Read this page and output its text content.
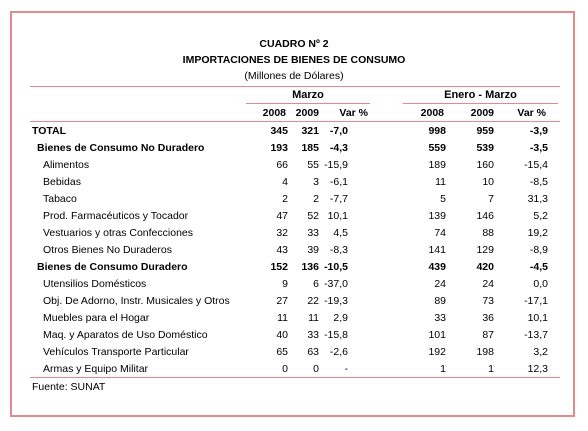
CUADRO Nº 2
IMPORTACIONES DE BIENES DE CONSUMO
(Millones de Dólares)
Marzo	Enero - Marzo
2008 2009	Var %	2008	2009	Var %
TOTAL	345	321	-7,0	998	959	-3,9
Bienes de Consumo No Duradero	193	185	-4,3	559	539	-3,5
Alimentos	66	55 -15,9	189	160	-15,4
Bebidas	4	3	-6,1	11	10	-8,5
Tabaco	2	2	-7,7	5	7	31,3
Prod. Farmacéuticos y Tocador	47	52 10,1	139	146	5,2
Vestuarios y otras Confecciones	32	33	4,5	74	88	19,2
Otros Bienes No Duraderos	43	39	-8,3	141	129	-8,9
Bienes de Consumo Duradero	152	136 -10,5	439	420	-4,5
Utensilios Domésticos	9	6 -37,0	24	24	0,0
Obj. De Adorno, Instr. Musicales y Otros	27	22 -19,3	89	73	-17,1
Muebles para el Hogar	11	11	2,9	33	36	10,1
Maq. y Aparatos de Uso Doméstico	40	33 -15,8	101	87	-13,7
Vehículos Transporte Particular	65	63	-2,6	192	198	3,2
Armas y Equipo Militar	0	0	-	1	1	12,3
Fuente: SUNAT
